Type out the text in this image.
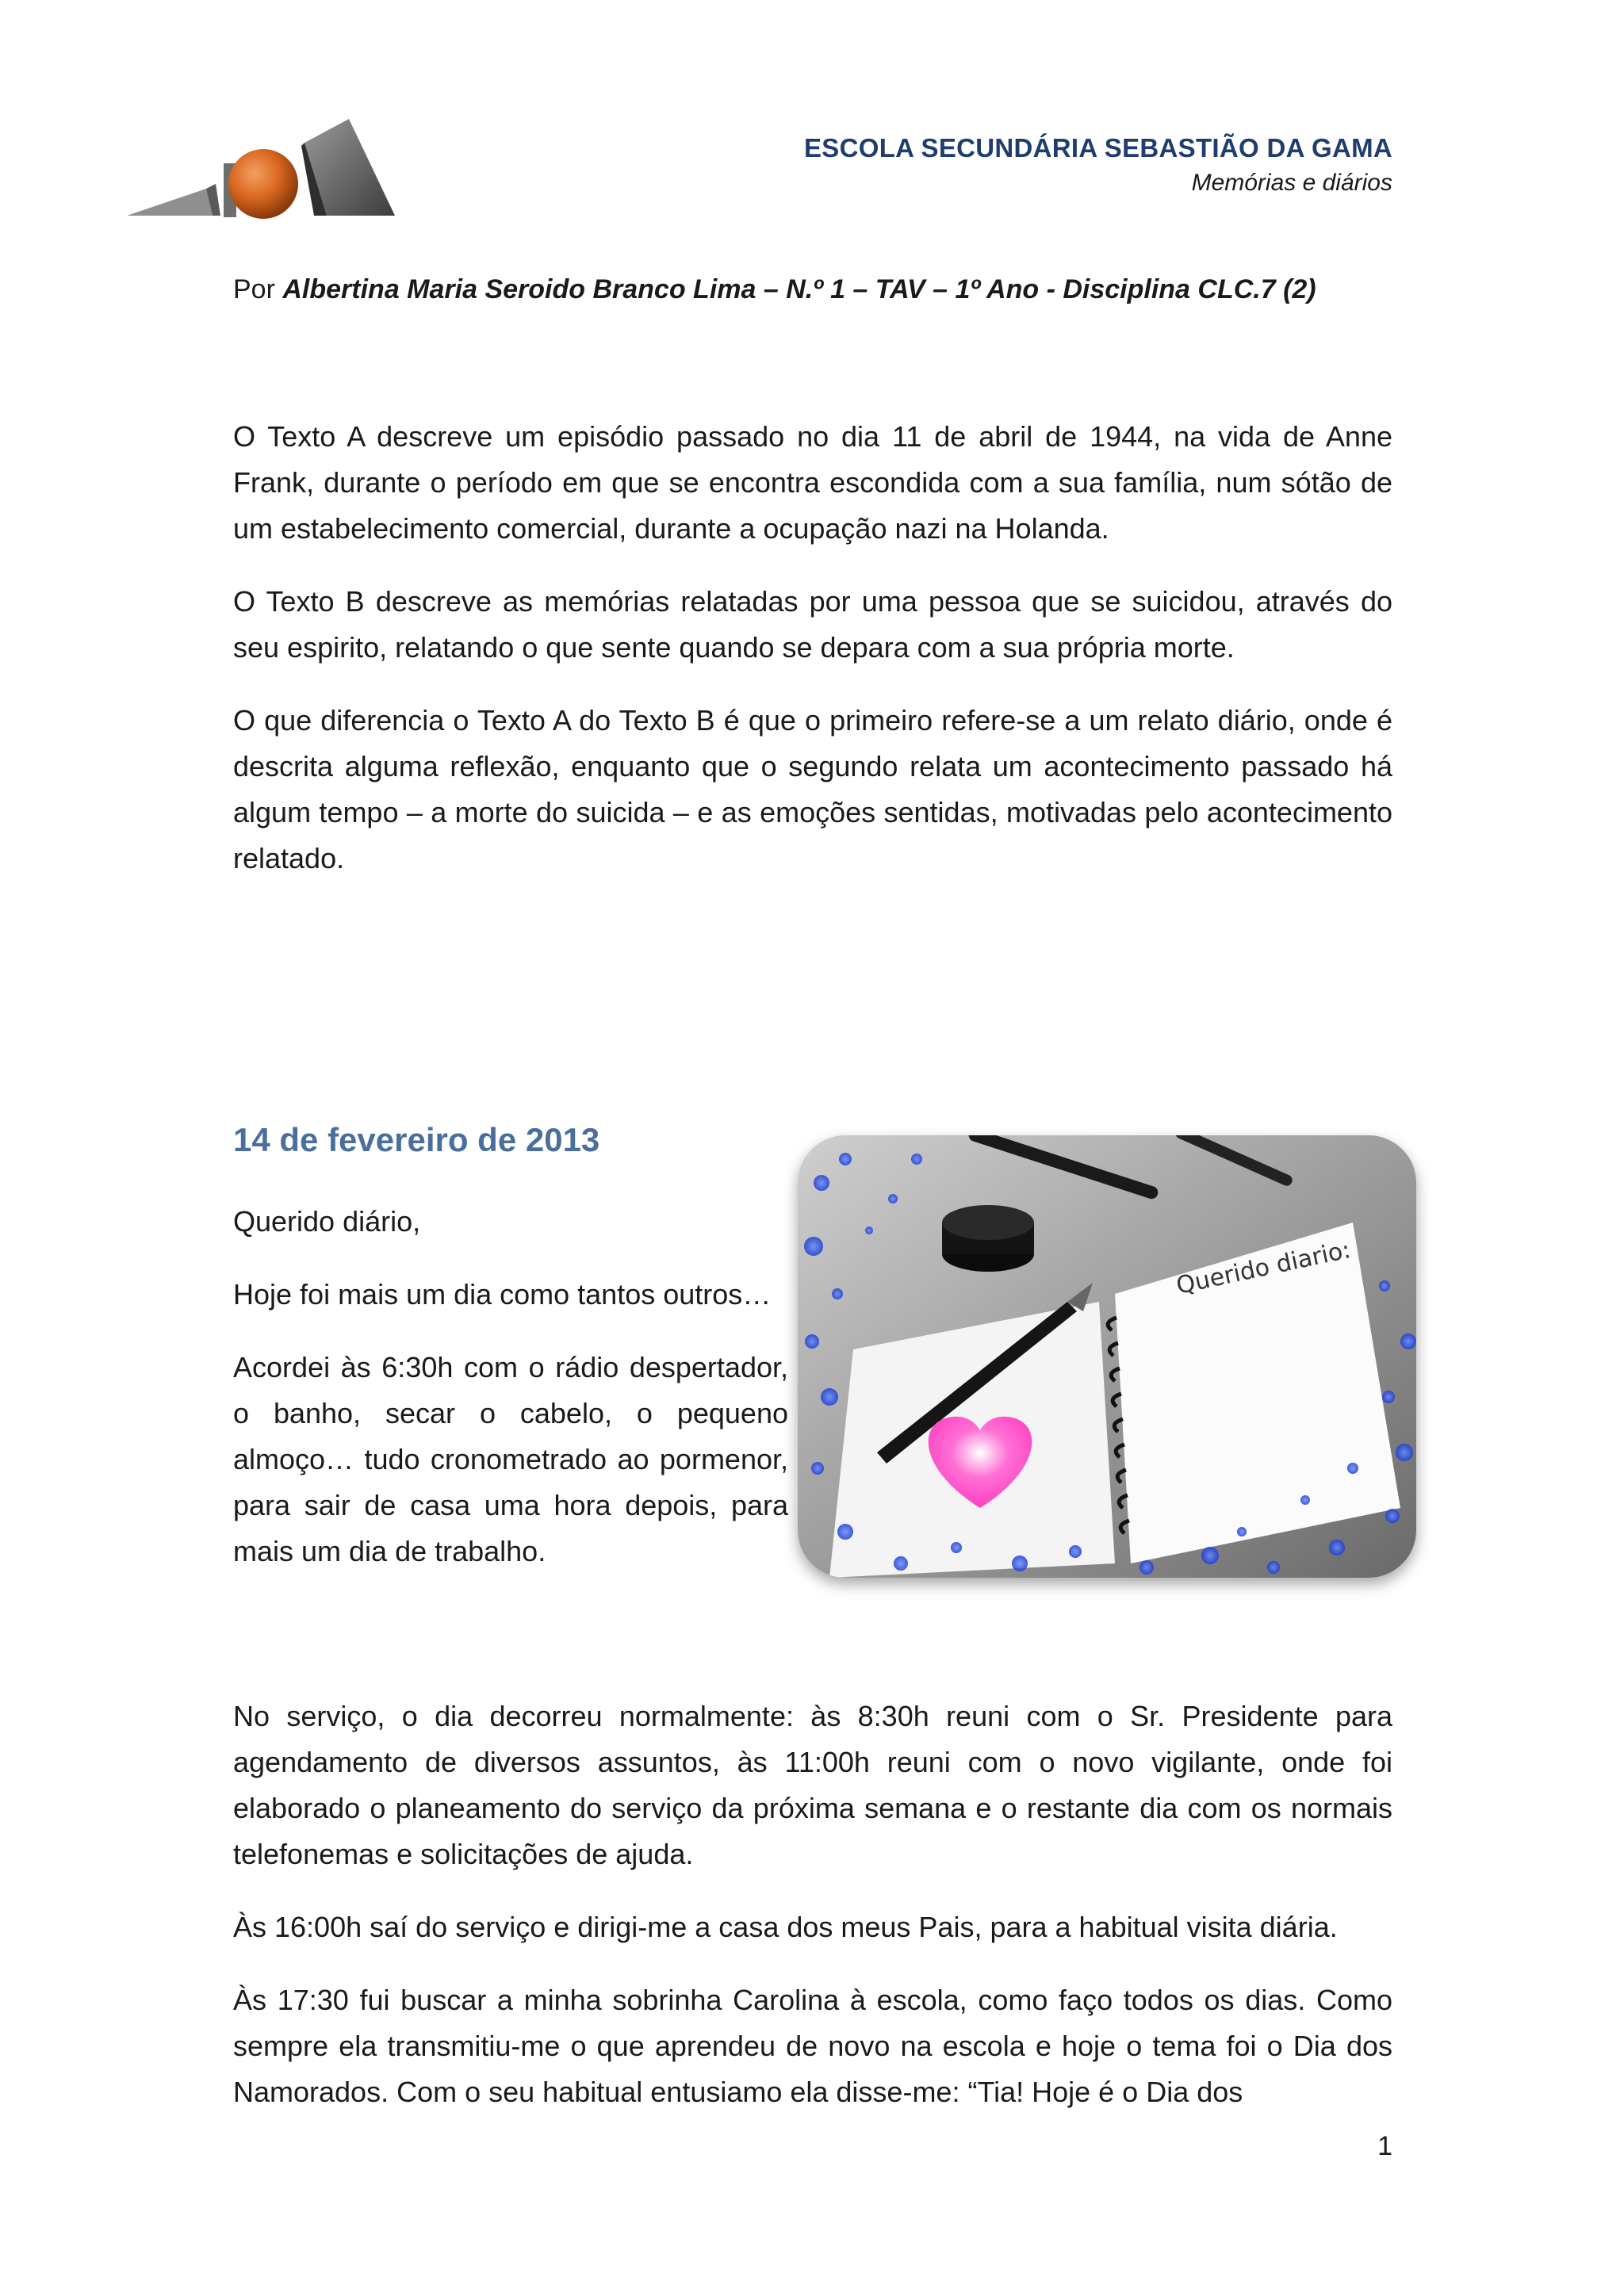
ESCOLA SECUNDÁRIA SEBASTIÃO DA GAMA
Memórias e diários
Por Albertina Maria Seroido Branco Lima – N.º 1 – TAV – 1º Ano - Disciplina CLC.7 (2)

O Texto A descreve um episódio passado no dia 11 de abril de 1944, na vida de Anne Frank, durante o período em que se encontra escondida com a sua família, num sótão de um estabelecimento comercial, durante a ocupação nazi na Holanda.

O Texto B descreve as memórias relatadas por uma pessoa que se suicidou, através do seu espirito, relatando o que sente quando se depara com a sua própria morte.

O que diferencia o Texto A do Texto B é que o primeiro refere-se a um relato diário, onde é descrita alguma reflexão, enquanto que o segundo relata um acontecimento passado há algum tempo – a morte do suicida – e as emoções sentidas, motivadas pelo acontecimento relatado.

14 de fevereiro de 2013

Querido diário,

Hoje foi mais um dia como tantos outros…

Acordei às 6:30h com o rádio despertador, o banho, secar o cabelo, o pequeno almoço… tudo cronometrado ao pormenor, para sair de casa uma hora depois, para mais um dia de trabalho.

Querido diario:

No serviço, o dia decorreu normalmente: às 8:30h reuni com o Sr. Presidente para agendamento de diversos assuntos, às 11:00h reuni com o novo vigilante, onde foi elaborado o planeamento do serviço da próxima semana e o restante dia com os normais telefonemas e solicitações de ajuda.

Às 16:00h saí do serviço e dirigi-me a casa dos meus Pais, para a habitual visita diária.

Às 17:30 fui buscar a minha sobrinha Carolina à escola, como faço todos os dias. Como sempre ela transmitiu-me o que aprendeu de novo na escola e hoje o tema foi o Dia dos Namorados. Com o seu habitual entusiamo ela disse-me: “Tia! Hoje é o Dia dos

1
